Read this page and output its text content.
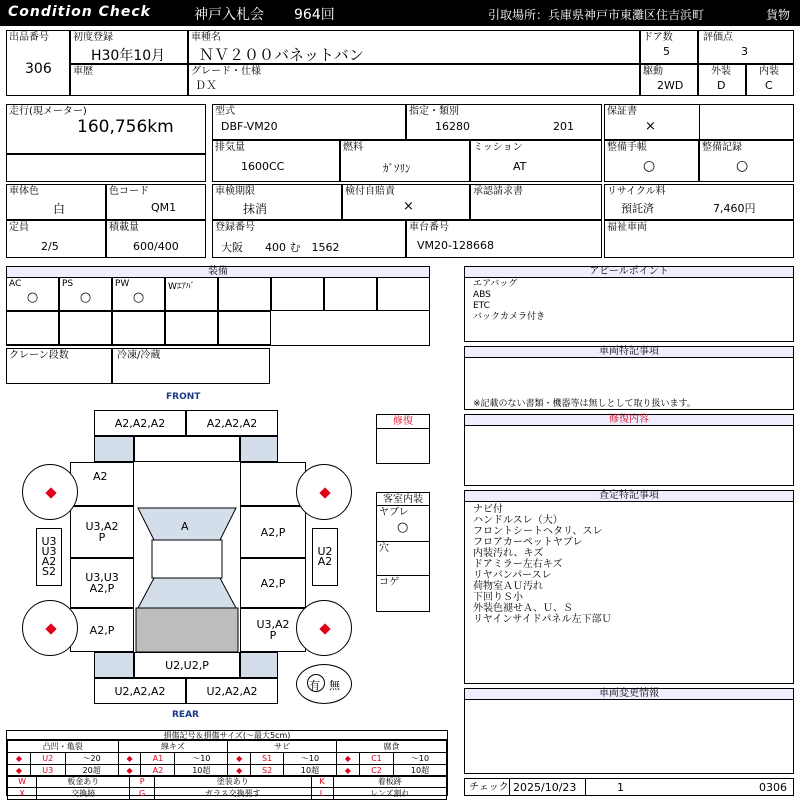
Condition Check	神戸入札会 964回	引取場所：兵庫県神戸市東灘区住吉浜町	貨物
出品番号
306
初度登録
H30年10月
車歴
車種名
ＮＶ２００バネットバン
グレード・仕様
ＤＸ
ドア数
5
評価点
3
駆動
2WD
外装
D
内装
C
走行(現メーター)
160,756km
型式
DBF-VM20
指定・類別
16280	201
排気量
1600CC
燃料
ｶﾞｿﾘﾝ
ミッション
AT
保証書
×
整備手帳
○
整備記録
○
車体色
白
色コード
QM1
車検期限
抹消
検付自賠責
×
承認請求書	リサイクル料
預託済	7,460円
定員
2/5
積載量
600/400
登録番号
大阪　　400 む　1562
車台番号
VM20-128668
福祉車両
装備
AC
○
PS
○
PW
○
Wｴｱﾊﾞ
クレーン段数	冷凍/冷蔵
アピールポイント
エアバッグ
ABS
ETC
バックカメラ付き
車両特記事項
※記載のない書類・機器等は無しとして取り扱います。
修復内容
査定特記事項
ナビ付
ハンドルスレ（大）
フロントシートヘタリ、スレ
フロアカーペットヤブレ
内装汚れ、キズ
ドアミラー左右キズ
リヤバンパースレ
荷物室ＡＵ汚れ
下回りＳ小
外装色褪せＡ、Ｕ、Ｓ
リヤインサイドパネル左下部Ｕ
車両変更情報
チェック 2025/10/23	1	0306
FRONT
REAR
A2,A2,A2	A2,A2,A2
A2
U3,A2
P	A2,P
U3,U3
A2,P	A2,P
A2,P	U3,A2
P
A
U2,U2,P
U2,A2,A2	U2,A2,A2
U3
U3
A2
S2
U2
A2
有 無
修復
客室内装
ヤブレ
○
穴
コゲ
損傷記号＆損傷サイズ(〜最大5cm)
凸凹・亀裂			線キズ			サビ			腐食		
◆	U2	〜20	◆	A1	〜10	◆	S1	〜10	◆	C1	〜10
◆	U3	20超	◆	A2	10超	◆	S2	10超	◆	C2	10超
W	板金あり	P	塗装あり	K	着板跡
X	交換跡	G	ガラス交換要す	L	レンズ割れ
